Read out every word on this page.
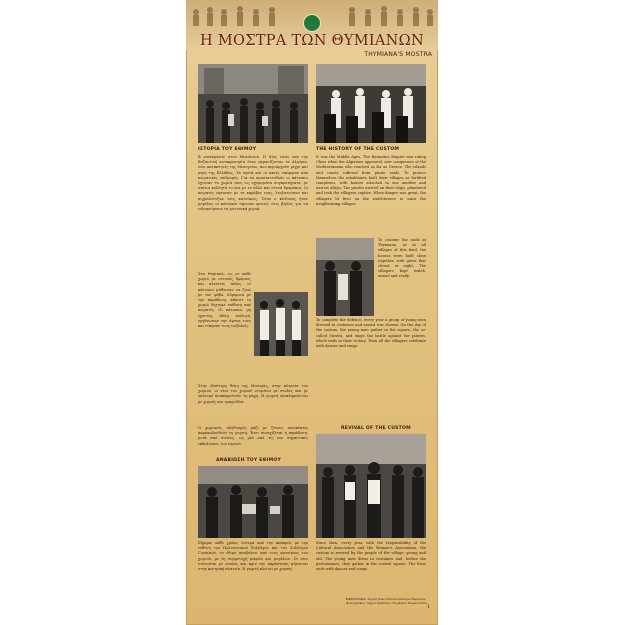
Η ΜΟΣΤΡΑ ΤΩΝ ΘΥΜΙΑΝΩΝ
THYMIANA'S MOSTRA
ΙΣΤΟΡΙΑ ΤΟΥ ΕΘΙΜΟΥ	THE HISTORY OF THE CUSTOM
Β ρισκόμαστε στον Μεσαίωνα. Η Χίος είναι υπό την Βυζαντινή αυτοκρατορία όταν εμφανίζονται τα Αλγέρια, νέοι κατακτητές της Μεσογείου, που κυριαρχούν μέχρι και μέρη της Ελλάδας. Τα νησιά και οι ακτές υπέφεραν από πειρατικές επιδρομές. Για να προστατευθούν οι κάτοικοι έχτισαν τα χωριά τους ως οχυρωμένα συγκροτήματα, με σπίτια κολλητά το ένα με το άλλο και στενά δρομάκια. Οι πειρατές έφταναν με τα καράβια τους, λεηλατούσαν και αιχμαλώτιζαν τους κατοίκους. Όταν ο κίνδυνος ήταν μεγάλος οι κάτοικοι ύψωναν φωτιές στις βίγλες για να ειδοποιήσουν τα γειτονικά χωριά.
Στα Θυμιανά, ως σε κάθε χωριό με στενούς δρόμους και κλειστές πύλες, οι κάτοικοι μάθαιναν να ζουν με τον φόβο. Σύμφωνα με την παράδοση, κάποτε το χωριό δέχτηκε επίθεση από πειρατές. Οι κάτοικοι, μη έχοντας άλλη επιλογή, οργάνωσαν την άμυνα τους και νίκησαν τους εισβολείς.
Στην ιδιαίτερη θέση της Μοστρας, στην πλατεία του χωριού, οι νέοι του χωριού ντυμένοι με στολές και με οπλισμό αναπαριστούν τη μάχη. Η γιορτή ολοκληρώνεται με χορούς και τραγούδια.
Ο χωριανός πληθυσμός μαζί με ξένους επισκέπτες παρακολουθούν τη γιορτή. Έτσι συνεχίζεται η παράδοση, μετά από αιώνες, ως μία από τις πιο σημαντικές εκδηλώσεις του νησιού.
ΑΝΑΒΙΩΣΗ ΤΟΥ ΕΘΙΜΟΥ
Σήμερα, κάθε χρόνο, ύστερα από την Απόκριά, με την ευθύνη του Πολιτιστικού Συλλόγου και του Συλλόγου Γυναικών, το έθιμο αναβιώνει από τους κατοίκους του χωριού, με τη συμμετοχή μικρών και μεγάλων. Οι νέοι ντύνονται με στολές και πριν την παράσταση ψήνονται στην κεντρική πλατεία. Η γιορτή κλείνει με χορούς.
It was the Middle Ages. The Byzantine Empire was ruling Chios when the Algerians appeared, new conquerors of the Mediterranean who reached as far as Greece. The islands and coasts suffered from pirate raids. To protect themselves the inhabitants built their villages as fortified complexes, with houses attached to one another and narrow alleys. The pirates arrived on their ships, plundered and took the villagers captive. When danger was great, the villagers lit fires on the watchtowers to warn the neighbouring villages.
To counter the raids at Thymiana, as in all villages of this kind, the houses were built close together, with gates that closed at night. The villagers kept watch, armed and ready.
To complete the defence, every year a group of young men dressed in costumes and armed was chosen. On the day of the custom, the young men gather in the square, the so-called Mostra, and stage the battle against the pirates, which ends in their victory. Then all the villagers celebrate with dances and songs.
REVIVAL OF THE CUSTOM
Since then, every year, with the responsibility of the Cultural Association and the Women's Association, the custom is revived by the people of the village, young and old. The young men dress in costumes and, before the performance, they gather in the central square. The feast ends with dances and songs.
ΒΙΒΛΙΟΓΡΑΦΙΑ: Αρχείο Πολιτιστικού Συλλόγου Θυμιανών. Φωτογραφίες: Αρχείο Συλλόγου. Επιμέλεια: Θυμιανά Χίου.
1
